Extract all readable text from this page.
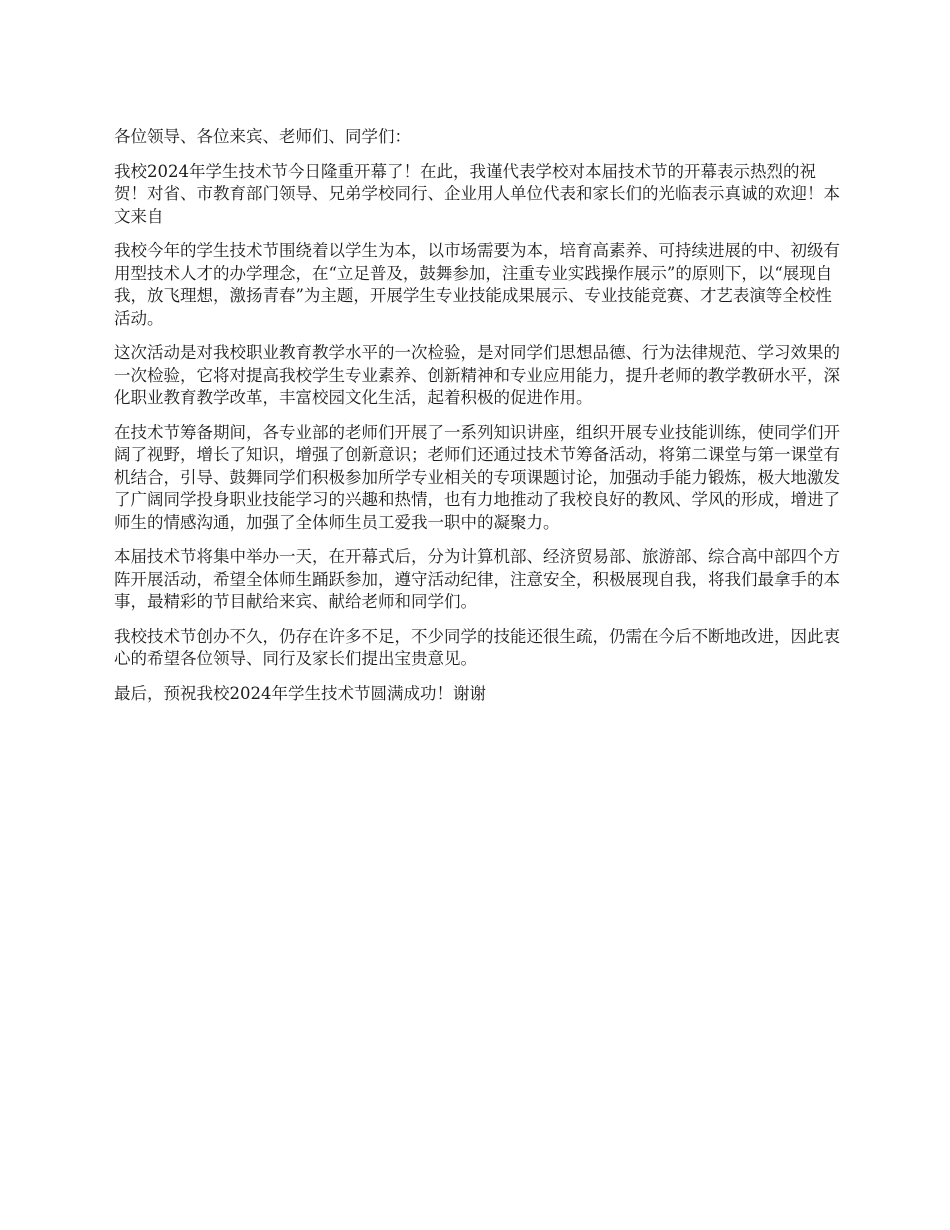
各位领导、各位来宾、老师们、同学们：

我校2024年学生技术节今日隆重开幕了！在此，我谨代表学校对本届技术节的开幕表示热烈的祝贺！对省、市教育部门领导、兄弟学校同行、企业用人单位代表和家长们的光临表示真诚的欢迎！本文来自

我校今年的学生技术节围绕着以学生为本，以市场需要为本，培育高素养、可持续进展的中、初级有用型技术人才的办学理念，在“立足普及，鼓舞参加，注重专业实践操作展示”的原则下，以“展现自我，放飞理想，激扬青春”为主题，开展学生专业技能成果展示、专业技能竞赛、才艺表演等全校性活动。

这次活动是对我校职业教育教学水平的一次检验，是对同学们思想品德、行为法律规范、学习效果的一次检验，它将对提高我校学生专业素养、创新精神和专业应用能力，提升老师的教学教研水平，深化职业教育教学改革，丰富校园文化生活，起着积极的促进作用。

在技术节筹备期间，各专业部的老师们开展了一系列知识讲座，组织开展专业技能训练，使同学们开阔了视野，增长了知识，增强了创新意识；老师们还通过技术节筹备活动，将第二课堂与第一课堂有机结合，引导、鼓舞同学们积极参加所学专业相关的专项课题讨论，加强动手能力锻炼，极大地激发了广阔同学投身职业技能学习的兴趣和热情，也有力地推动了我校良好的教风、学风的形成，增进了师生的情感沟通，加强了全体师生员工爱我一职中的凝聚力。

本届技术节将集中举办一天，在开幕式后，分为计算机部、经济贸易部、旅游部、综合高中部四个方阵开展活动，希望全体师生踊跃参加，遵守活动纪律，注意安全，积极展现自我，将我们最拿手的本事，最精彩的节目献给来宾、献给老师和同学们。

我校技术节创办不久，仍存在许多不足，不少同学的技能还很生疏，仍需在今后不断地改进，因此衷心的希望各位领导、同行及家长们提出宝贵意见。

最后，预祝我校2024年学生技术节圆满成功！谢谢
